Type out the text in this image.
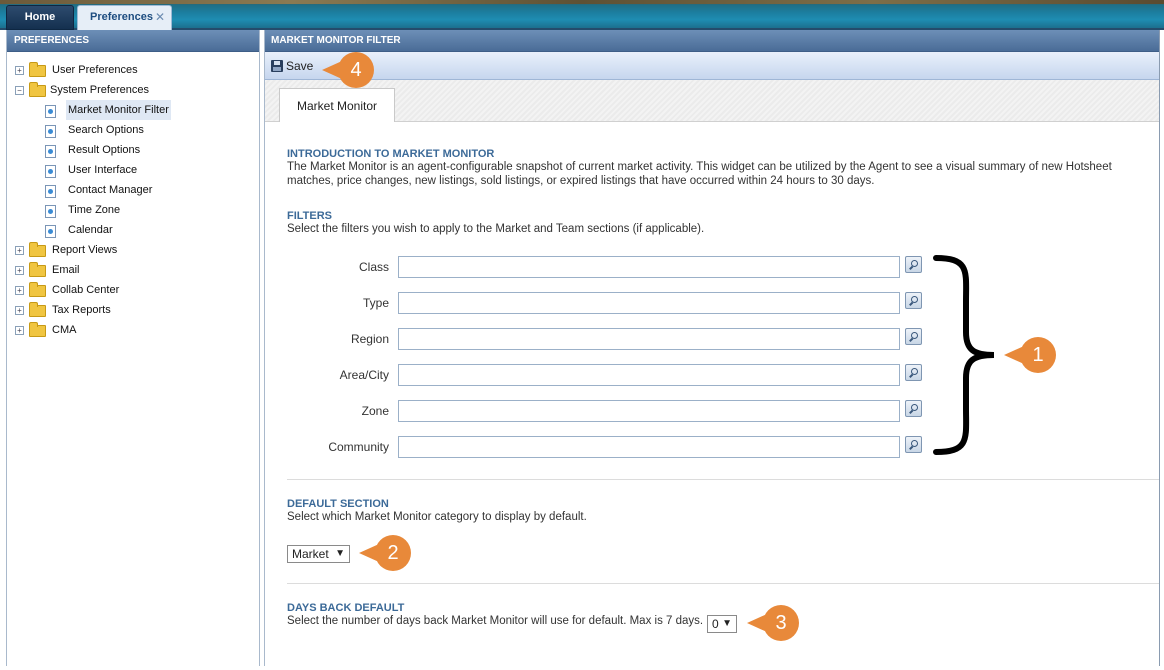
Home	Preferences ✕
PREFERENCES
+	User Preferences
−	System Preferences
Market Monitor Filter
Search Options
Result Options
User Interface
Contact Manager
Time Zone
Calendar
+	Report Views
+	Email
+	Collab Center
+	Tax Reports
+	CMA
MARKET MONITOR FILTER
Save
Market Monitor
INTRODUCTION TO MARKET MONITOR
The Market Monitor is an agent-configurable snapshot of current market activity. This widget can be utilized by the Agent to see a visual summary of new Hotsheet
matches, price changes, new listings, sold listings, or expired listings that have occurred within 24 hours to 30 days.
FILTERS
Select the filters you wish to apply to the Market and Team sections (if applicable).
Class
Type
Region
Area/City
Zone
Community
DEFAULT SECTION
Select which Market Monitor category to display by default.
Market ▼
DAYS BACK DEFAULT
Select the number of days back Market Monitor will use for default. Max is 7 days. 0 ▼
1
2
3
4
